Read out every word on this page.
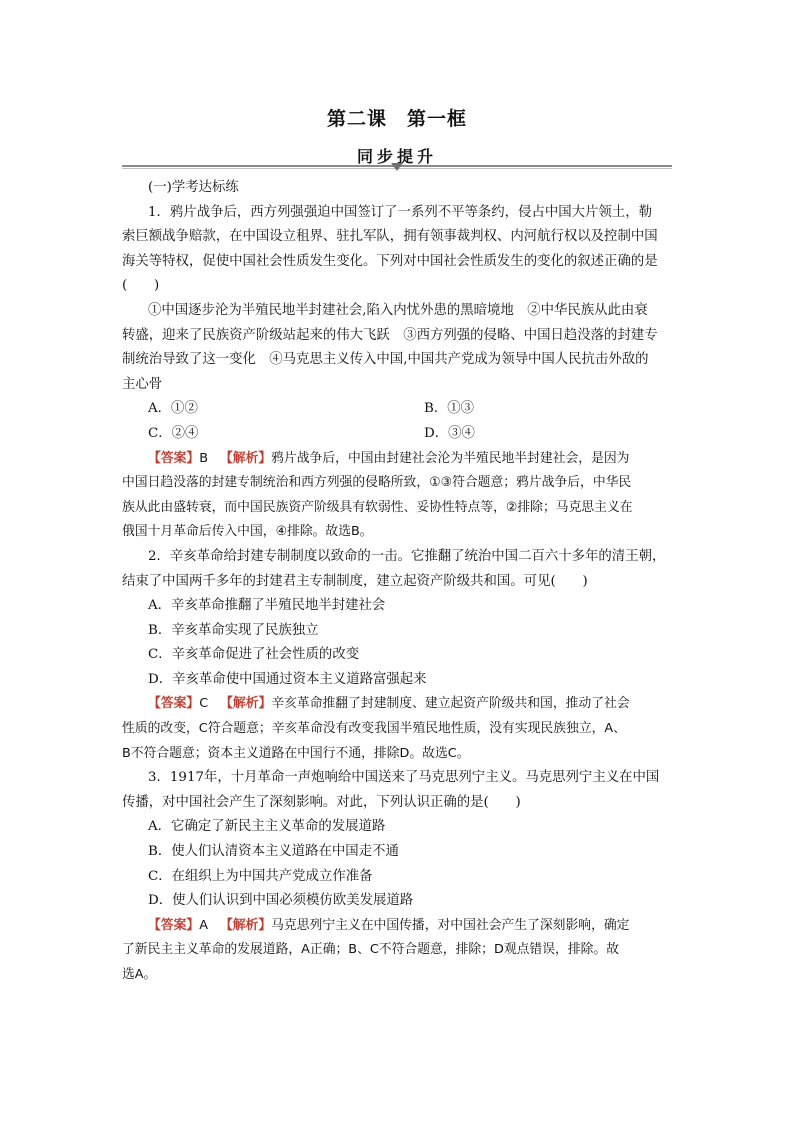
第二课　第一框
同步提升
(一)学考达标练
1．鸦片战争后，西方列强强迫中国签订了一系列不平等条约，侵占中国大片领土，勒
索巨额战争赔款，在中国设立租界、驻扎军队，拥有领事裁判权、内河航行权以及控制中国
海关等特权，促使中国社会性质发生变化。下列对中国社会性质发生的变化的叙述正确的是
(　　)
①中国逐步沦为半殖民地半封建社会,陷入内忧外患的黑暗境地　②中华民族从此由衰
转盛，迎来了民族资产阶级站起来的伟大飞跃　③西方列强的侵略、中国日趋没落的封建专
制统治导致了这一变化　④马克思主义传入中国,中国共产党成为领导中国人民抗击外敌的
主心骨
A．①②	B．①③
C．②④	D．③④
【答案】B 【解析】鸦片战争后，中国由封建社会沦为半殖民地半封建社会，是因为
中国日趋没落的封建专制统治和西方列强的侵略所致，①③符合题意；鸦片战争后，中华民
族从此由盛转衰，而中国民族资产阶级具有软弱性、妥协性特点等，②排除；马克思主义在
俄国十月革命后传入中国，④排除。故选B。
2．辛亥革命给封建专制制度以致命的一击。它推翻了统治中国二百六十多年的清王朝，
结束了中国两千多年的封建君主专制制度，建立起资产阶级共和国。可见(　　)
A．辛亥革命推翻了半殖民地半封建社会
B．辛亥革命实现了民族独立
C．辛亥革命促进了社会性质的改变
D．辛亥革命使中国通过资本主义道路富强起来
【答案】C 【解析】辛亥革命推翻了封建制度、建立起资产阶级共和国，推动了社会
性质的改变，C符合题意；辛亥革命没有改变我国半殖民地性质，没有实现民族独立，A、
B不符合题意；资本主义道路在中国行不通，排除D。故选C。
3．1917年，十月革命一声炮响给中国送来了马克思列宁主义。马克思列宁主义在中国
传播，对中国社会产生了深刻影响。对此，下列认识正确的是(　　)
A．它确定了新民主主义革命的发展道路
B．使人们认清资本主义道路在中国走不通
C．在组织上为中国共产党成立作准备
D．使人们认识到中国必须模仿欧美发展道路
【答案】A 【解析】马克思列宁主义在中国传播，对中国社会产生了深刻影响，确定
了新民主主义革命的发展道路，A正确；B、C不符合题意，排除；D观点错误，排除。故
选A。
